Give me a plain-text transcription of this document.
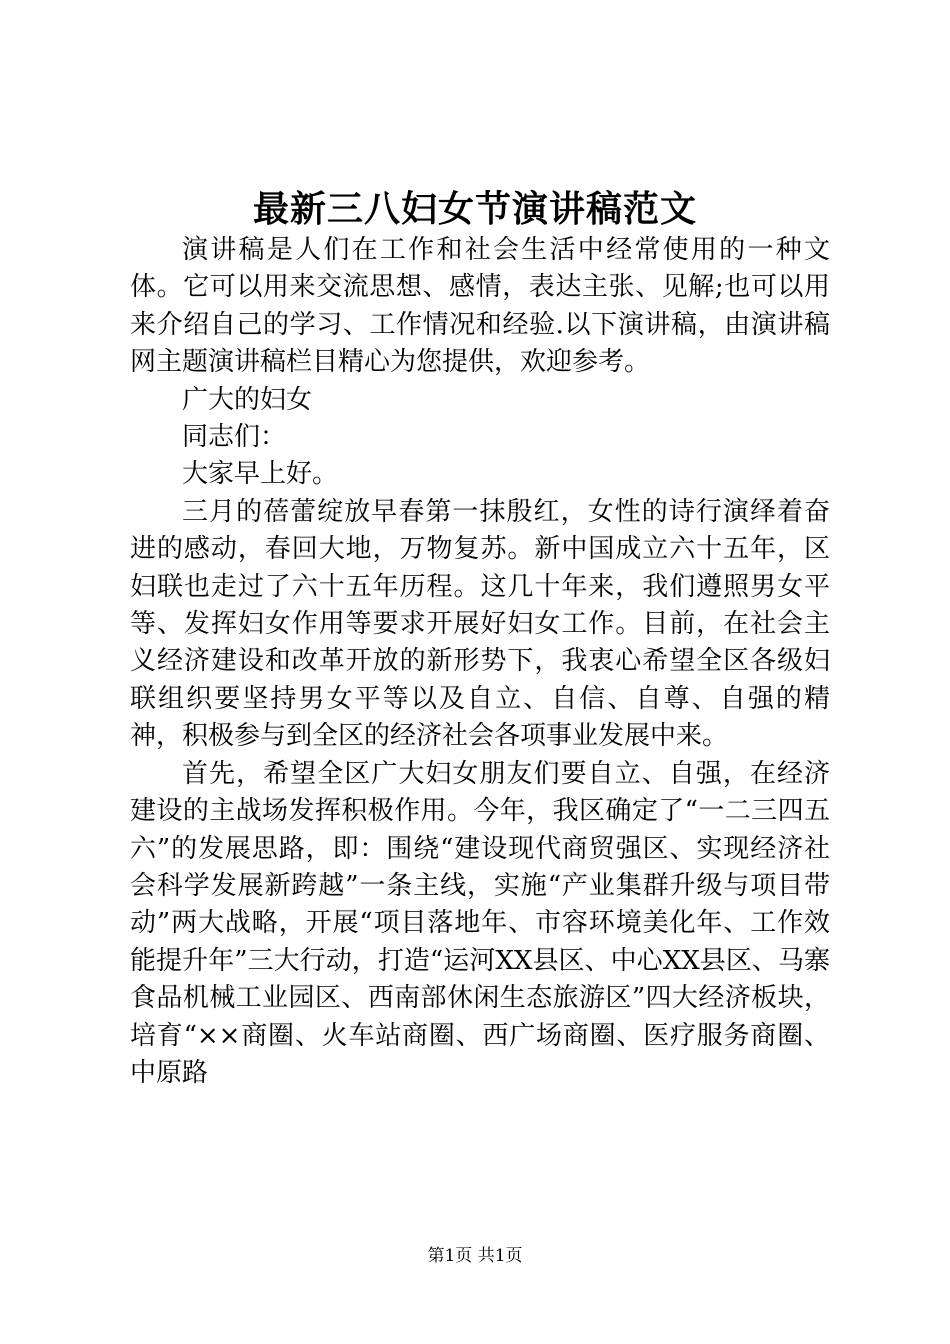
最新三八妇女节演讲稿范文

演讲稿是人们在工作和社会生活中经常使用的一种文体。它可以用来交流思想、感情，表达主张、见解;也可以用来介绍自己的学习、工作情况和经验.以下演讲稿，由演讲稿网主题演讲稿栏目精心为您提供，欢迎参考。

广大的妇女

同志们：

大家早上好。

三月的蓓蕾绽放早春第一抹殷红，女性的诗行演绎着奋进的感动，春回大地，万物复苏。新中国成立六十五年，区妇联也走过了六十五年历程。这几十年来，我们遵照男女平等、发挥妇女作用等要求开展好妇女工作。目前，在社会主义经济建设和改革开放的新形势下，我衷心希望全区各级妇联组织要坚持男女平等以及自立、自信、自尊、自强的精神，积极参与到全区的经济社会各项事业发展中来。

首先，希望全区广大妇女朋友们要自立、自强，在经济建设的主战场发挥积极作用。今年，我区确定了“一二三四五六”的发展思路，即：围绕“建设现代商贸强区、实现经济社会科学发展新跨越”一条主线，实施“产业集群升级与项目带动”两大战略，开展“项目落地年、市容环境美化年、工作效能提升年”三大行动，打造“运河XX县区、中心XX县区、马寨食品机械工业园区、西南部休闲生态旅游区”四大经济板块，培育“××商圈、火车站商圈、西广场商圈、医疗服务商圈、中原路

第1页 共1页
